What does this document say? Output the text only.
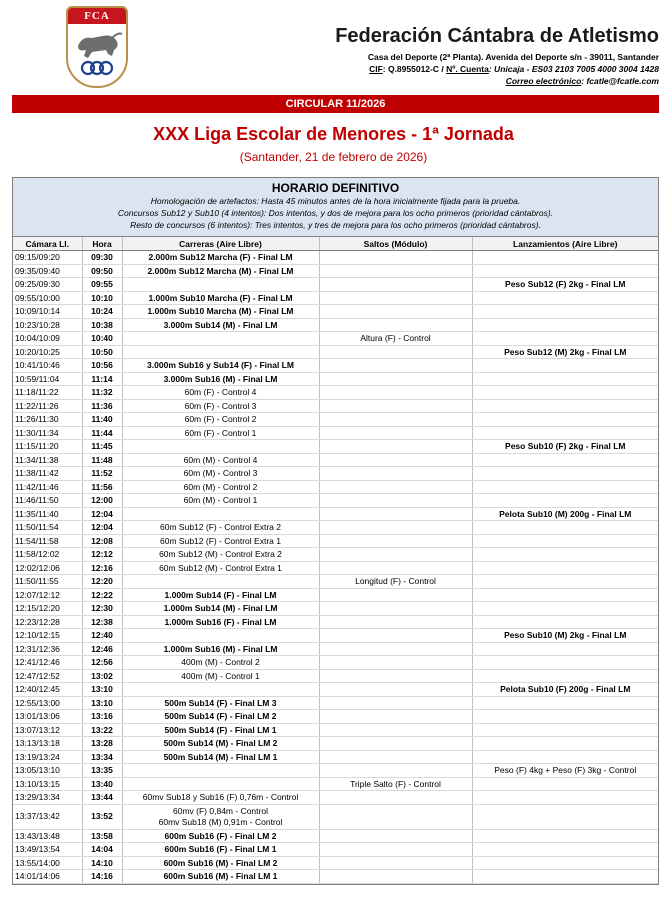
FCA
Federación Cántabra de Atletismo
Casa del Deporte (2ª Planta). Avenida del Deporte s/n - 39011, Santander
CIF: Q.8955012-C / Nº. Cuenta: Unicaja - ES03 2103 7005 4000 3004 1428
Correo electrónico: fcatle@fcatle.com
CIRCULAR 11/2026
XXX Liga Escolar de Menores - 1ª Jornada
(Santander, 21 de febrero de 2026)
HORARIO DEFINITIVO
Homologación de artefactos: Hasta 45 minutos antes de la hora inicialmente fijada para la prueba.
Concursos Sub12 y Sub10 (4 intentos): Dos intentos, y dos de mejora para los ocho primeros (prioridad cántabros).
Resto de concursos (6 intentos): Tres intentos, y tres de mejora para los ocho primeros (prioridad cántabros).
Cámara Ll.	Hora	Carreras (Aire Libre)	Saltos (Módulo)	Lanzamientos (Aire Libre)
09:15/09:20	09:30	2.000m Sub12 Marcha (F) - Final LM		
09:35/09:40	09:50	2.000m Sub12 Marcha (M) - Final LM		
09:25/09:30	09:55			Peso Sub12 (F) 2kg - Final LM
09:55/10:00	10:10	1.000m Sub10 Marcha (F) - Final LM		
10:09/10:14	10:24	1.000m Sub10 Marcha (M) - Final LM		
10:23/10:28	10:38	3.000m Sub14 (M) - Final LM		
10:04/10:09	10:40		Altura (F) - Control	
10:20/10:25	10:50			Peso Sub12 (M) 2kg - Final LM
10:41/10:46	10:56	3.000m Sub16 y Sub14 (F) - Final LM		
10:59/11:04	11:14	3.000m Sub16 (M) - Final LM		
11:18/11:22	11:32	60m (F) - Control 4		
11:22/11:26	11:36	60m (F) - Control 3		
11:26/11:30	11:40	60m (F) - Control 2		
11:30/11:34	11:44	60m (F) - Control 1		
11:15/11:20	11:45			Peso Sub10 (F) 2kg - Final LM
11:34/11:38	11:48	60m (M) - Control 4		
11:38/11:42	11:52	60m (M) - Control 3		
11:42/11:46	11:56	60m (M) - Control 2		
11:46/11:50	12:00	60m (M) - Control 1		
11:35/11:40	12:04			Pelota Sub10 (M) 200g - Final LM
11:50/11:54	12:04	60m Sub12 (F) - Control Extra 2		
11:54/11:58	12:08	60m Sub12 (F) - Control Extra 1		
11:58/12:02	12:12	60m Sub12 (M) - Control Extra 2		
12:02/12:06	12:16	60m Sub12 (M) - Control Extra 1		
11:50/11:55	12:20		Longitud (F) - Control	
12:07/12:12	12:22	1.000m Sub14 (F) - Final LM		
12:15/12:20	12:30	1.000m Sub14 (M) - Final LM		
12:23/12:28	12:38	1.000m Sub16 (F) - Final LM		
12:10/12:15	12:40			Peso Sub10 (M) 2kg - Final LM
12:31/12:36	12:46	1.000m Sub16 (M) - Final LM		
12:41/12:46	12:56	400m (M) - Control 2		
12:47/12:52	13:02	400m (M) - Control 1		
12:40/12:45	13:10			Pelota Sub10 (F) 200g - Final LM
12:55/13:00	13:10	500m Sub14 (F) - Final LM 3		
13:01/13:06	13:16	500m Sub14 (F) - Final LM 2		
13:07/13:12	13:22	500m Sub14 (F) - Final LM 1		
13:13/13:18	13:28	500m Sub14 (M) - Final LM 2		
13:19/13:24	13:34	500m Sub14 (M) - Final LM 1		
13:05/13:10	13:35			Peso (F) 4kg + Peso (F) 3kg - Control
13:10/13:15	13:40		Triple Salto (F) - Control	
13:29/13:34	13:44	60mv Sub18 y Sub16 (F) 0,76m - Control		
13:37/13:42	13:52	60mv (F) 0,84m - Control
60mv Sub18 (M) 0,91m - Control		

13:43/13:48	13:58	600m Sub16 (F) - Final LM 2		
13:49/13:54	14:04	600m Sub16 (F) - Final LM 1		
13:55/14:00	14:10	600m Sub16 (M) - Final LM 2		
14:01/14:06	14:16	600m Sub16 (M) - Final LM 1		
